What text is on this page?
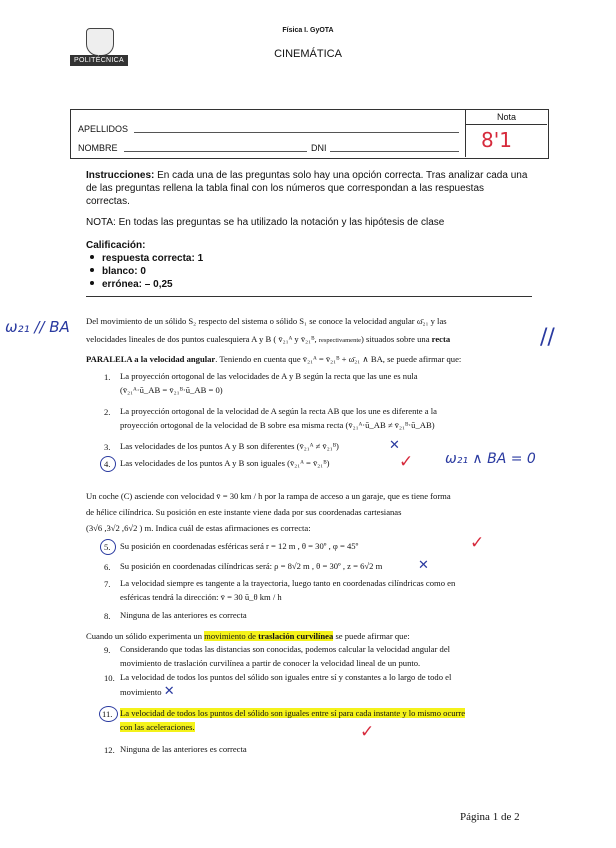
POLITÉCNICA
Física I. GyOTA
CINEMÁTICA
Nota
8'1
APELLIDOS
NOMBRE	DNI
Instrucciones: En cada una de las preguntas solo hay una opción correcta. Tras analizar cada una de las preguntas rellena la tabla final con los números que correspondan a las respuestas correctas.
NOTA: En todas las preguntas se ha utilizado la notación y las hipótesis de clase
Calificación:
respuesta correcta: 1
blanco: 0
errónea: – 0,25
Del movimiento de un sólido S₂ respecto del sistema o sólido S₁ se conoce la velocidad angular ω̄₂₁ y las
velocidades lineales de dos puntos cualesquiera A y B ( v̄₂₁ᴬ y v̄₂₁ᴮ, respectivamente) situados sobre una recta
PARALELA a la velocidad angular. Teniendo en cuenta que v̄₂₁ᴬ = v̄₂₁ᴮ + ω̄₂₁ ∧ BA, se puede afirmar que:
1. La proyección ortogonal de las velocidades de A y B según la recta que las une es nula
(v̄₂₁ᴬ·ū_AB = v̄₂₁ᴮ·ū_AB = 0)
2. La proyección ortogonal de la velocidad de A según la recta AB que los une es diferente a la
proyección ortogonal de la velocidad de B sobre esa misma recta (v̄₂₁ᴬ·ū_AB ≠ v̄₂₁ᴮ·ū_AB)
3. Las velocidades de los puntos A y B son diferentes (v̄₂₁ᴬ ≠ v̄₂₁ᴮ)	✕
4. Las velocidades de los puntos A y B son iguales (v̄₂₁ᴬ = v̄₂₁ᴮ)	✓ ω₂₁ ∧ BA = 0
ω₂₁ // BA	//
Un coche (C) asciende con velocidad v̄ = 30 km / h por la rampa de acceso a un garaje, que es tiene forma
de hélice cilíndrica. Su posición en este instante viene dada por sus coordenadas cartesianas
(3√6 ,3√2 ,6√2 ) m. Indica cuál de estas afirmaciones es correcta:
5. Su posición en coordenadas esféricas será r = 12 m , θ = 30º , φ = 45º	✓
6. Su posición en coordenadas cilíndricas será: ρ = 8√2 m , θ = 30º , z = 6√2 m	✕
7. La velocidad siempre es tangente a la trayectoria, luego tanto en coordenadas cilíndricas como en
esféricas tendrá la dirección: v̄ = 30 ū_θ km / h
8. Ninguna de las anteriores es correcta
Cuando un sólido experimenta un movimiento de traslación curvilínea se puede afirmar que:
9. Considerando que todas las distancias son conocidas, podemos calcular la velocidad angular del
movimiento de traslación curvilínea a partir de conocer la velocidad lineal de un punto.
10. La velocidad de todos los puntos del sólido son iguales entre sí y constantes a lo largo de todo el
movimiento ✕
11. La velocidad de todos los puntos del sólido son iguales entre sí para cada instante y lo mismo ocurre
con las aceleraciones.	✓
12. Ninguna de las anteriores es correcta
Página 1 de 2
